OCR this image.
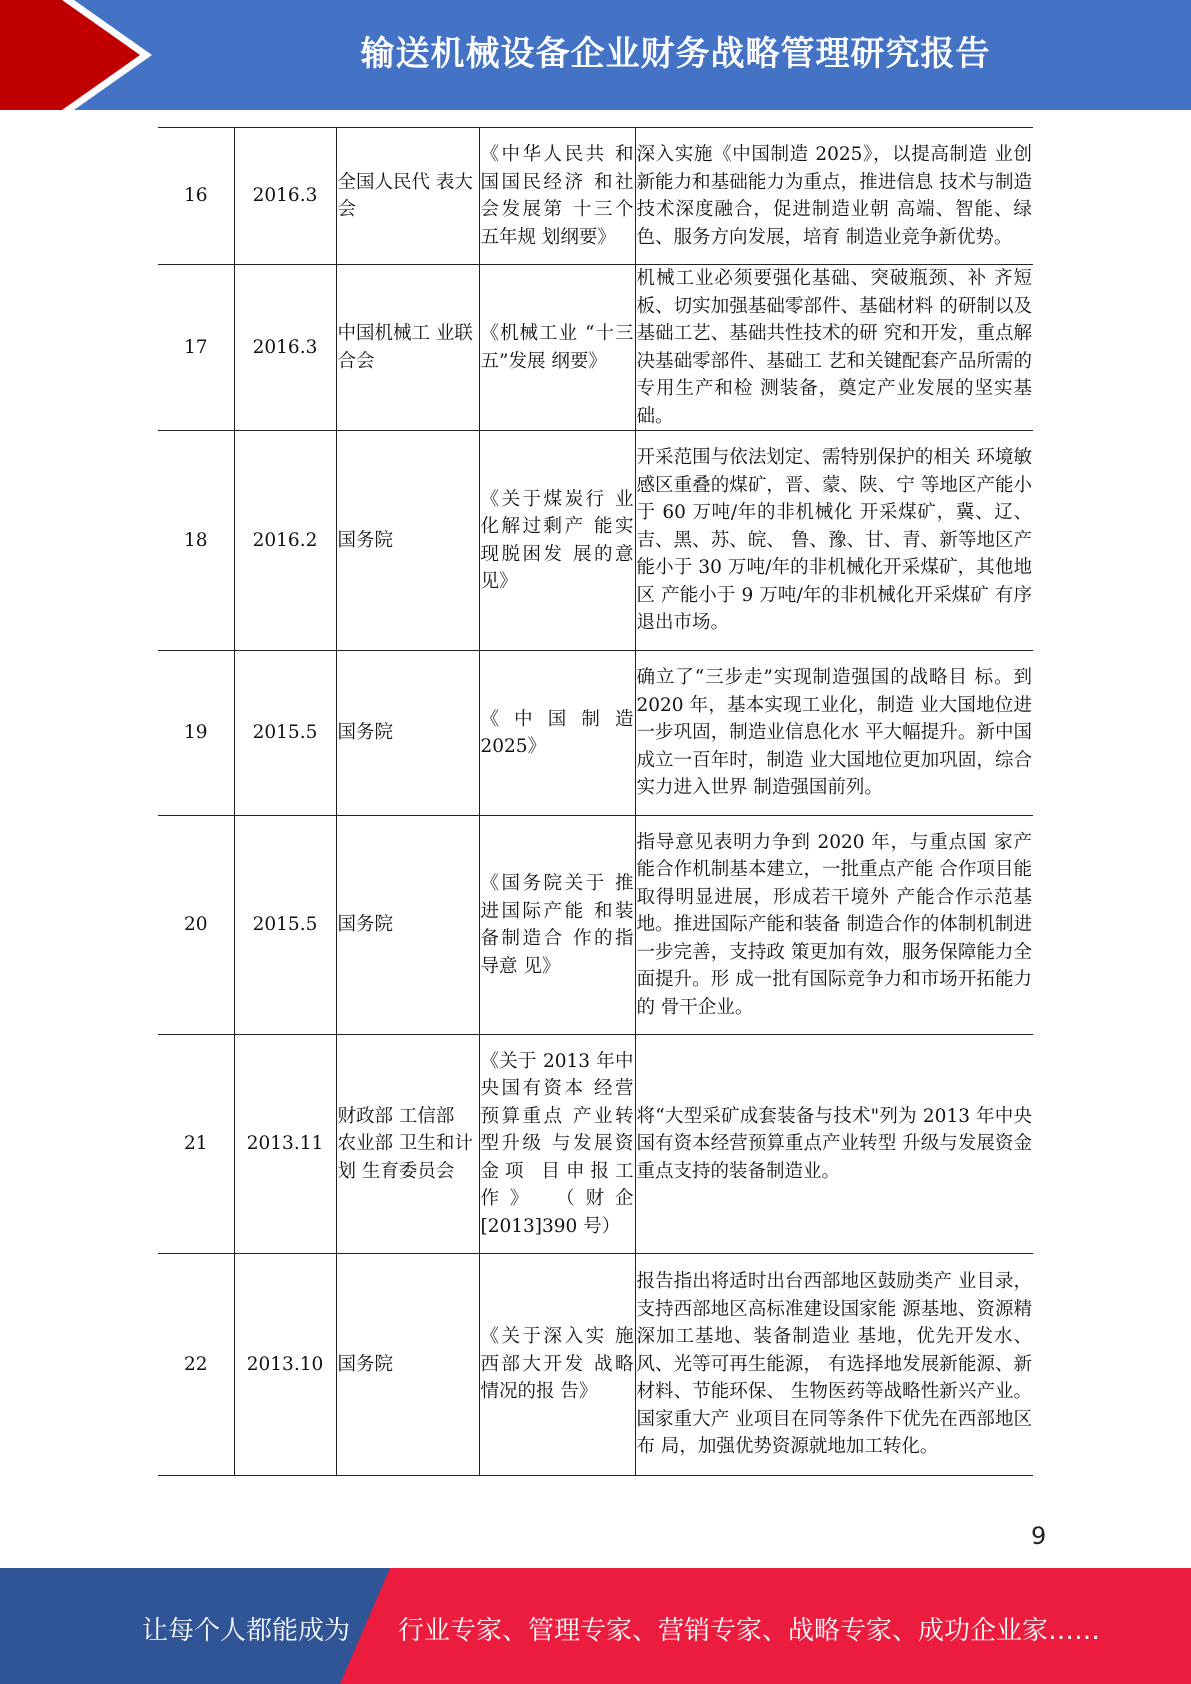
输送机械设备企业财务战略管理研究报告
16	2016.3	全国人民代 表大会	《中华人民共 和国国民经济 和社会发展第 十三个五年规 划纲要》	深入实施《中国制造 2025》，以提高制造 业创新能力和基础能力为重点，推进信息 技术与制造技术深度融合，促进制造业朝 高端、智能、绿色、服务方向发展，培育 制造业竞争新优势。
17	2016.3	中国机械工 业联合会	《机械工业 “十三五”发展 纲要》	机械工业必须要强化基础、突破瓶颈、补 齐短板、切实加强基础零部件、基础材料 的研制以及基础工艺、基础共性技术的研 究和开发，重点解决基础零部件、基础工 艺和关键配套产品所需的专用生产和检 测装备，奠定产业发展的坚实基础。
18	2016.2	国务院	《关于煤炭行 业化解过剩产 能实现脱困发 展的意见》	开采范围与依法划定、需特别保护的相关 环境敏感区重叠的煤矿，晋、蒙、陕、宁 等地区产能小于 60 万吨/年的非机械化 开采煤矿，冀、辽、吉、黑、苏、皖、 鲁、豫、甘、青、新等地区产能小于 30 万吨/年的非机械化开采煤矿，其他地区 产能小于 9 万吨/年的非机械化开采煤矿 有序退出市场。
19	2015.5	国务院	《中国制造 2025》	确立了“三步走”实现制造强国的战略目 标。到 2020 年，基本实现工业化，制造 业大国地位进一步巩固，制造业信息化水 平大幅提升。新中国成立一百年时，制造 业大国地位更加巩固，综合实力进入世界 制造强国前列。
20	2015.5	国务院	《国务院关于 推进国际产能 和装备制造合 作的指导意 见》	指导意见表明力争到 2020 年，与重点国 家产能合作机制基本建立，一批重点产能 合作项目能取得明显进展，形成若干境外 产能合作示范基地。推进国际产能和装备 制造合作的体制机制进一步完善，支持政 策更加有效，服务保障能力全面提升。形 成一批有国际竞争力和市场开拓能力的 骨干企业。
21	2013.11	财政部 工信部 农业部 卫生和计划 生育委员会	《关于 2013 年中央国有资本 经营预算重点 产业转型升级 与发展资金项 目申报工作》 （财企[2013]390 号）	将“大型采矿成套装备与技术"列为 2013 年中央国有资本经营预算重点产业转型 升级与发展资金重点支持的装备制造业。
22	2013.10	国务院	《关于深入实 施西部大开发 战略情况的报 告》	报告指出将适时出台西部地区鼓励类产 业目录，支持西部地区高标准建设国家能 源基地、资源精深加工基地、装备制造业 基地，优先开发水、风、光等可再生能源， 有选择地发展新能源、新材料、节能环保、 生物医药等战略性新兴产业。国家重大产 业项目在同等条件下优先在西部地区布 局，加强优势资源就地加工转化。
9
让每个人都能成为 行业专家、管理专家、营销专家、战略专家、成功企业家……
